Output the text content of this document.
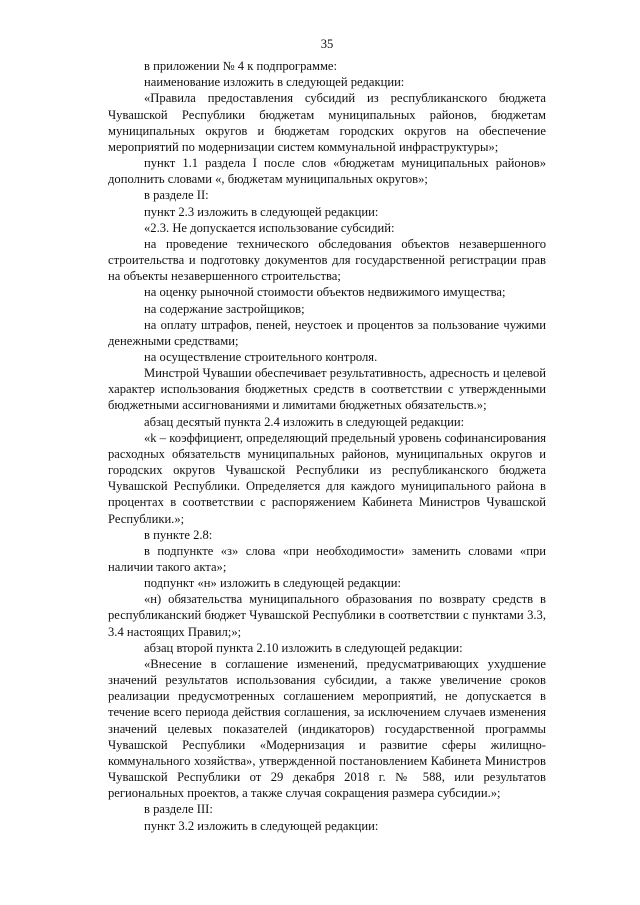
35

в приложении № 4 к подпрограмме:

наименование изложить в следующей редакции:

«Правила предоставления субсидий из республиканского бюджета Чувашской Республики бюджетам муниципальных районов, бюджетам муниципальных округов и бюджетам городских округов на обеспечение мероприятий по модернизации систем коммунальной инфраструктуры»;

пункт 1.1 раздела I после слов «бюджетам муниципальных районов» дополнить словами «, бюджетам муниципальных округов»;

в разделе II:

пункт 2.3 изложить в следующей редакции:

«2.3. Не допускается использование субсидий:

на проведение технического обследования объектов незавершенного строительства и подготовку документов для государственной регистрации прав на объекты незавершенного строительства;

на оценку рыночной стоимости объектов недвижимого имущества;

на содержание застройщиков;

на оплату штрафов, пеней, неустоек и процентов за пользование чужими денежными средствами;

на осуществление строительного контроля.

Минстрой Чувашии обеспечивает результативность, адресность и целевой характер использования бюджетных средств в соответствии с утвержденными бюджетными ассигнованиями и лимитами бюджетных обязательств.»;

абзац десятый пункта 2.4 изложить в следующей редакции:

«k – коэффициент, определяющий предельный уровень софинансирования расходных обязательств муниципальных районов, муниципальных округов и городских округов Чувашской Республики из республиканского бюджета Чувашской Республики. Определяется для каждого муниципального района в процентах в соответствии с распоряжением Кабинета Министров Чувашской Республики.»;

в пункте 2.8:

в подпункте «з» слова «при необходимости» заменить словами «при наличии такого акта»;

подпункт «н» изложить в следующей редакции:

«н) обязательства муниципального образования по возврату средств в республиканский бюджет Чувашской Республики в соответствии с пунктами 3.3, 3.4 настоящих Правил;»;

абзац второй пункта 2.10 изложить в следующей редакции:

«Внесение в соглашение изменений, предусматривающих ухудшение значений результатов использования субсидии, а также увеличение сроков реализации предусмотренных соглашением мероприятий, не допускается в течение всего периода действия соглашения, за исключением случаев изменения значений целевых показателей (индикаторов) государственной программы Чувашской Республики «Модернизация и развитие сферы жилищно-коммунального хозяйства», утвержденной постановлением Кабинета Министров Чувашской Республики от 29 декабря 2018 г. № 588, или результатов региональных проектов, а также случая сокращения размера субсидии.»;

в разделе III:

пункт 3.2 изложить в следующей редакции:
